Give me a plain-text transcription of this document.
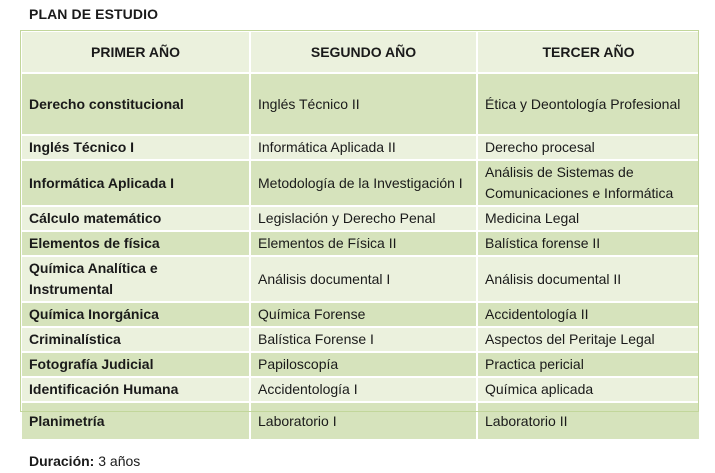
PLAN DE ESTUDIO
PRIMER AÑO	SEGUNDO AÑO	TERCER AÑO
Derecho constitucional	Inglés Técnico II	Ética y Deontología Profesional
Inglés Técnico I	Informática Aplicada II	Derecho procesal
Informática Aplicada I	Metodología de la Investigación I	Análisis de Sistemas de Comunicaciones e Informática
Cálculo matemático	Legislación y Derecho Penal	Medicina Legal
Elementos de física	Elementos de Física II	Balística forense II
Química Analítica e Instrumental	Análisis documental I	Análisis documental II
Química Inorgánica	Química Forense	Accidentología II
Criminalística	Balística Forense I	Aspectos del Peritaje Legal
Fotografía Judicial	Papiloscopía	Practica pericial
Identificación Humana	Accidentología I	Química aplicada
Planimetría	Laboratorio I	Laboratorio II
Duración: 3 años
